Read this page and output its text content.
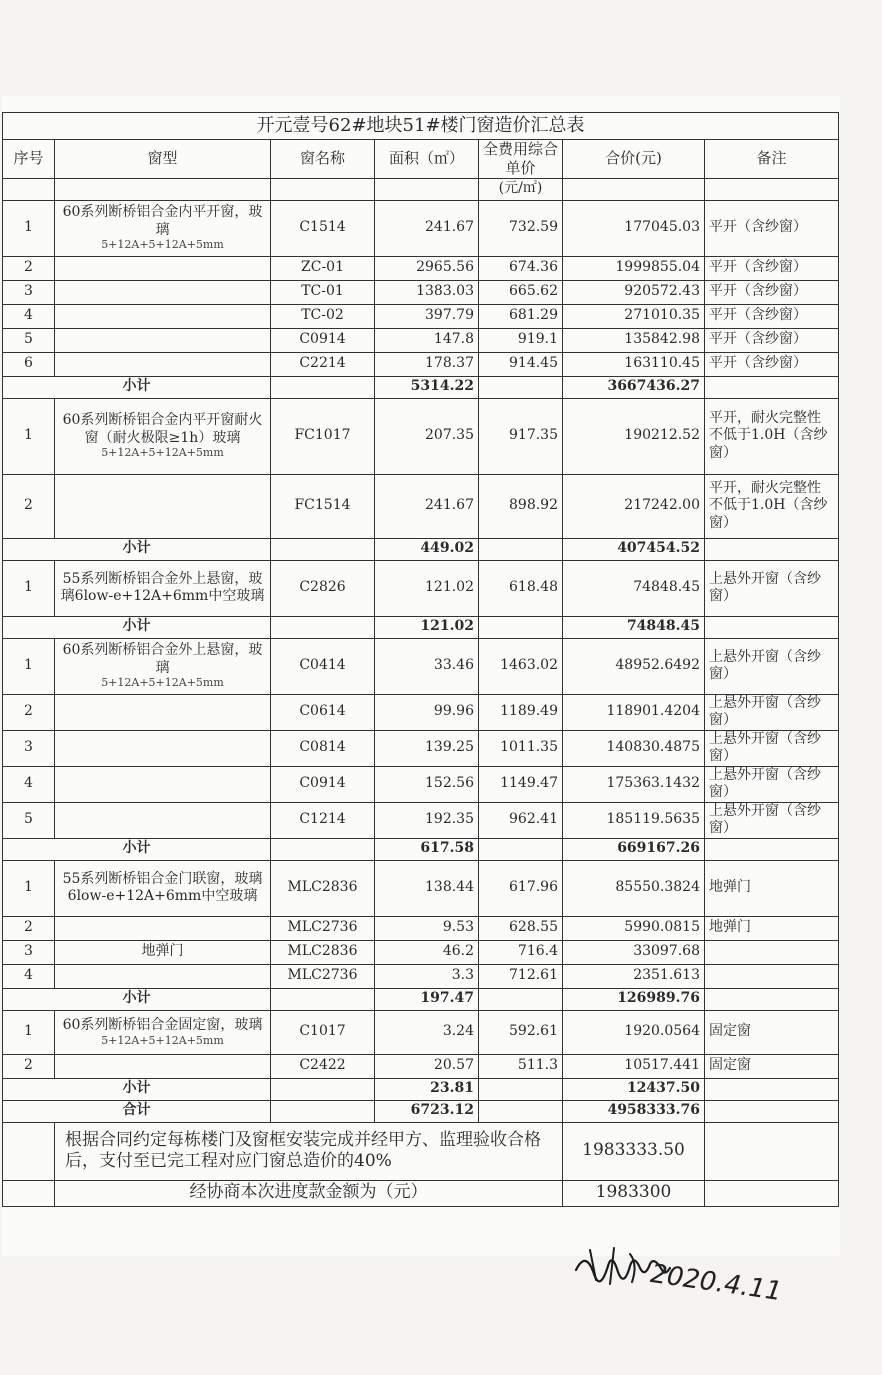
开元壹号62#地块51#楼门窗造价汇总表						
序号	窗型	窗名称	面积（㎡）	全费用综合单价	合价(元)	备注
				(元/㎡)		
1	60系列断桥铝合金内平开窗，玻璃
5+12A+5+12A+5mm	C1514	241.67	732.59	177045.03	平开（含纱窗）
2		ZC-01	2965.56	674.36	1999855.04	平开（含纱窗）
3		TC-01	1383.03	665.62	920572.43	平开（含纱窗）
4		TC-02	397.79	681.29	271010.35	平开（含纱窗）
5		C0914	147.8	919.1	135842.98	平开（含纱窗）
6		C2214	178.37	914.45	163110.45	平开（含纱窗）
小计			5314.22		3667436.27	
1	60系列断桥铝合金内平开窗耐火窗（耐火极限≥1h）玻璃
5+12A+5+12A+5mm	FC1017	207.35	917.35	190212.52	平开，耐火完整性不低于1.0H（含纱窗）
2		FC1514	241.67	898.92	217242.00	平开，耐火完整性不低于1.0H（含纱窗）
小计			449.02		407454.52	
1	55系列断桥铝合金外上悬窗，玻璃6low-e+12A+6mm中空玻璃	C2826	121.02	618.48	74848.45	上悬外开窗（含纱窗）
小计			121.02		74848.45	
1	60系列断桥铝合金外上悬窗，玻璃
5+12A+5+12A+5mm	C0414	33.46	1463.02	48952.6492	上悬外开窗（含纱窗）
2		C0614	99.96	1189.49	118901.4204	上悬外开窗（含纱窗）
3		C0814	139.25	1011.35	140830.4875	上悬外开窗（含纱窗）
4		C0914	152.56	1149.47	175363.1432	上悬外开窗（含纱窗）
5		C1214	192.35	962.41	185119.5635	上悬外开窗（含纱窗）
小计			617.58		669167.26	
1	55系列断桥铝合金门联窗，玻璃6low-e+12A+6mm中空玻璃	MLC2836	138.44	617.96	85550.3824	地弹门
2		MLC2736	9.53	628.55	5990.0815	地弹门
3	地弹门	MLC2836	46.2	716.4	33097.68	
4		MLC2736	3.3	712.61	2351.613	
小计			197.47		126989.76	
1	60系列断桥铝合金固定窗，玻璃
5+12A+5+12A+5mm	C1017	3.24	592.61	1920.0564	固定窗
2		C2422	20.57	511.3	10517.441	固定窗
小计			23.81		12437.50	
合计			6723.12		4958333.76	
	根据合同约定每栋楼门及窗框安装完成并经甲方、监理验收合格后，支付至已完工程对应门窗总造价的40%				1983333.50	
	经协商本次进度款金额为（元）				1983300	
2020.4.11
